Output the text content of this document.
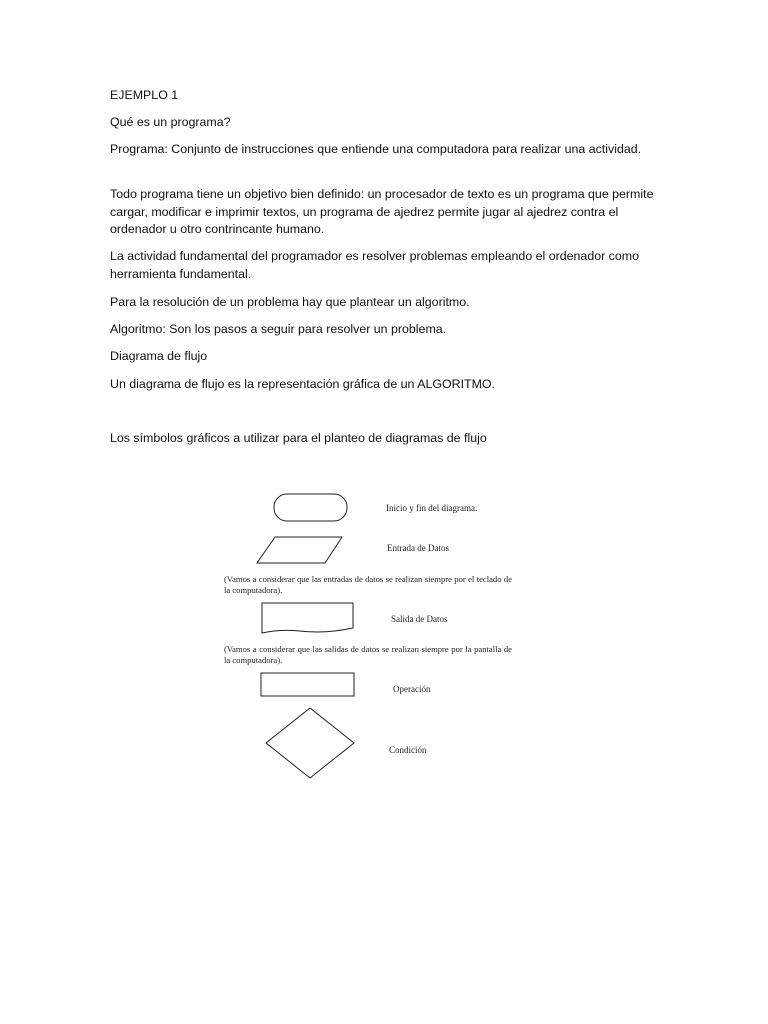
EJEMPLO 1

Qué es un programa?

Programa: Conjunto de instrucciones que entiende una computadora para realizar una actividad.

Todo programa tiene un objetivo bien definido: un procesador de texto es un programa que permite cargar, modificar e imprimir textos, un programa de ajedrez permite jugar al ajedrez contra el ordenador u otro contrincante humano.

La actividad fundamental del programador es resolver problemas empleando el ordenador como herramienta fundamental.

Para la resolución de un problema hay que plantear un algoritmo.

Algoritmo: Son los pasos a seguir para resolver un problema.

Diagrama de flujo

Un diagrama de flujo es la representación gráfica de un ALGORITMO.

Los símbolos gráficos a utilizar para el planteo de diagramas de flujo

Inicio y fin del diagrama.
Entrada de Datos
Salida de Datos
Operación
Condición
(Vamos a considerar que las entradas de datos se realizan siempre por el teclado de la computadora).
(Vamos a considerar que las salidas de datos se realizan siempre por la pantalla de la computadora).
